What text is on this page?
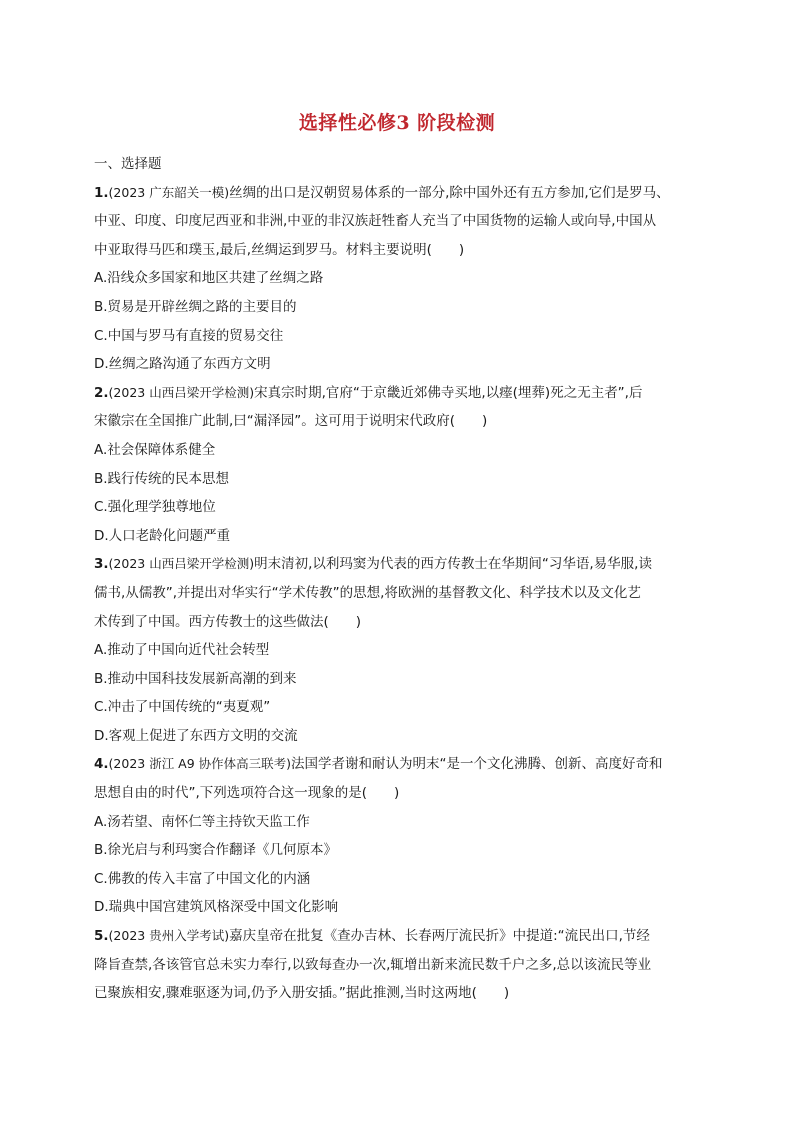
选择性必修3 阶段检测
一、选择题
1.(2023 广东韶关一模)丝绸的出口是汉朝贸易体系的一部分,除中国外还有五方参加,它们是罗马、
中亚、印度、印度尼西亚和非洲,中亚的非汉族赶牲畜人充当了中国货物的运输人或向导,中国从
中亚取得马匹和璞玉,最后,丝绸运到罗马。材料主要说明(　　)
A.沿线众多国家和地区共建了丝绸之路
B.贸易是开辟丝绸之路的主要目的
C.中国与罗马有直接的贸易交往
D.丝绸之路沟通了东西方文明
2.(2023 山西吕梁开学检测)宋真宗时期,官府“于京畿近郊佛寺买地,以瘗(埋葬)死之无主者”,后
宋徽宗在全国推广此制,曰“漏泽园”。这可用于说明宋代政府(　　)
A.社会保障体系健全
B.践行传统的民本思想
C.强化理学独尊地位
D.人口老龄化问题严重
3.(2023 山西吕梁开学检测)明末清初,以利玛窦为代表的西方传教士在华期间“习华语,易华服,读
儒书,从儒教”,并提出对华实行“学术传教”的思想,将欧洲的基督教文化、科学技术以及文化艺
术传到了中国。西方传教士的这些做法(　　)
A.推动了中国向近代社会转型
B.推动中国科技发展新高潮的到来
C.冲击了中国传统的“夷夏观”
D.客观上促进了东西方文明的交流
4.(2023 浙江 A9 协作体高三联考)法国学者谢和耐认为明末“是一个文化沸腾、创新、高度好奇和
思想自由的时代”,下列选项符合这一现象的是(　　)
A.汤若望、南怀仁等主持钦天监工作
B.徐光启与利玛窦合作翻译《几何原本》
C.佛教的传入丰富了中国文化的内涵
D.瑞典中国宫建筑风格深受中国文化影响
5.(2023 贵州入学考试)嘉庆皇帝在批复《查办吉林、长春两厅流民折》中提道:“流民出口,节经
降旨查禁,各该管官总未实力奉行,以致每查办一次,辄增出新来流民数千户之多,总以该流民等业
已聚族相安,骤难驱逐为词,仍予入册安插。”据此推测,当时这两地(　　)
